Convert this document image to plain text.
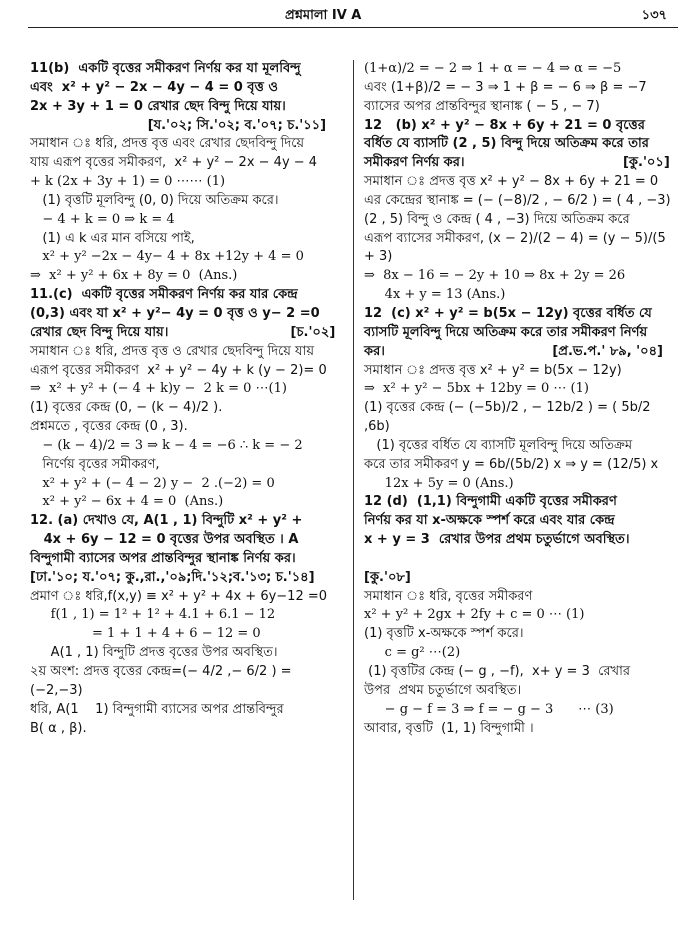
প্রশ্নমালা IV A	১৩৭

11(b)  একটি বৃত্তের সমীকরণ নির্ণয় কর যা মূলবিন্দু

এবং  x² + y² − 2x − 4y − 4 = 0 বৃত্ত ও

2x + 3y + 1 = 0 রেখার ছেদ বিন্দু দিয়ে যায়।

[য.'০২; সি.'০২; ব.'০৭; চ.'১১]

সমাধান ঃ ধরি, প্রদত্ত বৃত্ত এবং রেখার ছেদবিন্দু দিয়ে

যায় এরূপ বৃত্তের সমীকরণ,  x² + y² − 2x − 4y − 4

+ k (2x + 3y + 1) = 0 ⋯⋯ (1)

(1) বৃত্তটি মূলবিন্দু (0, 0) দিয়ে অতিক্রম করে।

− 4 + k = 0 ⇒ k = 4

(1) এ k এর মান বসিয়ে পাই,

x² + y² −2x − 4y− 4 + 8x +12y + 4 = 0

⇒  x² + y² + 6x + 8y = 0  (Ans.)

11.(c)  একটি বৃত্তের সমীকরণ নির্ণয় কর যার কেন্দ্র

(0,3) এবং যা x² + y²− 4y = 0 বৃত্ত ও y− 2 =0

রেখার ছেদ বিন্দু দিয়ে যায়।                           [চ.'০২]

সমাধান ঃ ধরি, প্রদত্ত বৃত্ত ও রেখার ছেদবিন্দু দিয়ে যায়

এরূপ বৃত্তের সমীকরণ  x² + y² − 4y + k (y − 2)= 0

⇒  x² + y² + (− 4 + k)y −  2 k = 0 ⋯(1)

(1) বৃত্তের কেন্দ্র (0, − (k − 4)/2 ).

প্রশ্নমতে , বৃত্তের কেন্দ্র (0 , 3).

− (k − 4)/2 = 3 ⇒ k − 4 = −6 ∴ k = − 2

নির্ণেয় বৃত্তের সমীকরণ,

x² + y² + (− 4 − 2) y −  2 .(−2) = 0

x² + y² − 6x + 4 = 0  (Ans.)

12. (a) দেখাও যে, A(1 , 1) বিন্দুটি x² + y² +

4x + 6y − 12 = 0 বৃত্তের উপর অবস্থিত । A

বিন্দুগামী ব্যাসের অপর প্রান্তবিন্দুর স্থানাঙ্ক নির্ণয় কর।

[ঢা.'১০; য.'০৭; কু.,রা.,'০৯;দি.'১২;ব.'১৩; চ.'১৪]

প্রমাণ ঃ ধরি,f(x,y) ≡ x² + y² + 4x + 6y−12 =0

f(1 , 1) = 1² + 1² + 4.1 + 6.1 − 12

= 1 + 1 + 4 + 6 − 12 = 0

A(1 , 1) বিন্দুটি প্রদত্ত বৃত্তের উপর অবস্থিত।

২য় অংশ: প্রদত্ত বৃত্তের কেন্দ্র=(− 4/2 ,− 6/2 ) = (−2,−3)

ধরি, A(1    1) বিন্দুগামী ব্যাসের অপর প্রান্তবিন্দুর

B( α , β).

(1+α)/2 = − 2 ⇒ 1 + α = − 4 ⇒ α = −5

এবং (1+β)/2 = − 3 ⇒ 1 + β = − 6 ⇒ β = −7

ব্যাসের অপর প্রান্তবিন্দুর স্থানাঙ্ক ( − 5 , − 7)

12   (b) x² + y² − 8x + 6y + 21 = 0 বৃত্তের

বর্ধিত যে ব্যাসটি (2 , 5) বিন্দু দিয়ে অতিক্রম করে তার

সমীকরণ নির্ণয় কর।                                   [কু.'০১]

সমাধান ঃ প্রদত্ত বৃত্ত x² + y² − 8x + 6y + 21 = 0

এর কেন্দ্রের স্থানাঙ্ক = (− (−8)/2 , − 6/2 ) = ( 4 , −3)

(2 , 5) বিন্দু ও কেন্দ্র ( 4 , −3) দিয়ে অতিক্রম করে

এরূপ ব্যাসের সমীকরণ, (x − 2)/(2 − 4) = (y − 5)/(5 + 3)

⇒  8x − 16 = − 2y + 10 ⇒ 8x + 2y = 26

4x + y = 13 (Ans.)

12  (c) x² + y² = b(5x − 12y) বৃত্তের বর্ধিত যে

ব্যাসটি মূলবিন্দু দিয়ে অতিক্রম করে তার সমীকরণ নির্ণয়

কর।                                     [প্র.ভ.প.' ৮৯, '০৪]

সমাধান ঃ প্রদত্ত বৃত্ত x² + y² = b(5x − 12y)

⇒  x² + y² − 5bx + 12by = 0 ⋯ (1)

(1) বৃত্তের কেন্দ্র (− (−5b)/2 , − 12b/2 ) = ( 5b/2 ,6b)

(1) বৃত্তের বর্ধিত যে ব্যাসটি মূলবিন্দু দিয়ে অতিক্রম

করে তার সমীকরণ y = 6b/(5b/2) x ⇒ y = (12/5) x

12x + 5y = 0 (Ans.)

12 (d)  (1,1) বিন্দুগামী একটি বৃত্তের সমীকরণ

নির্ণয় কর যা x-অক্ষকে স্পর্শ করে এবং যার কেন্দ্র

x + y = 3  রেখার উপর প্রথম চতুর্ভাগে অবস্থিত।

[কু.'০৮]

সমাধান ঃ ধরি, বৃত্তের সমীকরণ

x² + y² + 2gx + 2fy + c = 0 ⋯ (1)

(1) বৃত্তটি x-অক্ষকে স্পর্শ করে।

c = g² ⋯(2)

(1) বৃত্তটির কেন্দ্র (− g , −f),  x+ y = 3  রেখার

উপর  প্রথম চতুর্ভাগে অবস্থিত।

− g − f = 3 ⇒ f = − g − 3      ⋯ (3)

আবার, বৃত্তটি  (1, 1) বিন্দুগামী ।
